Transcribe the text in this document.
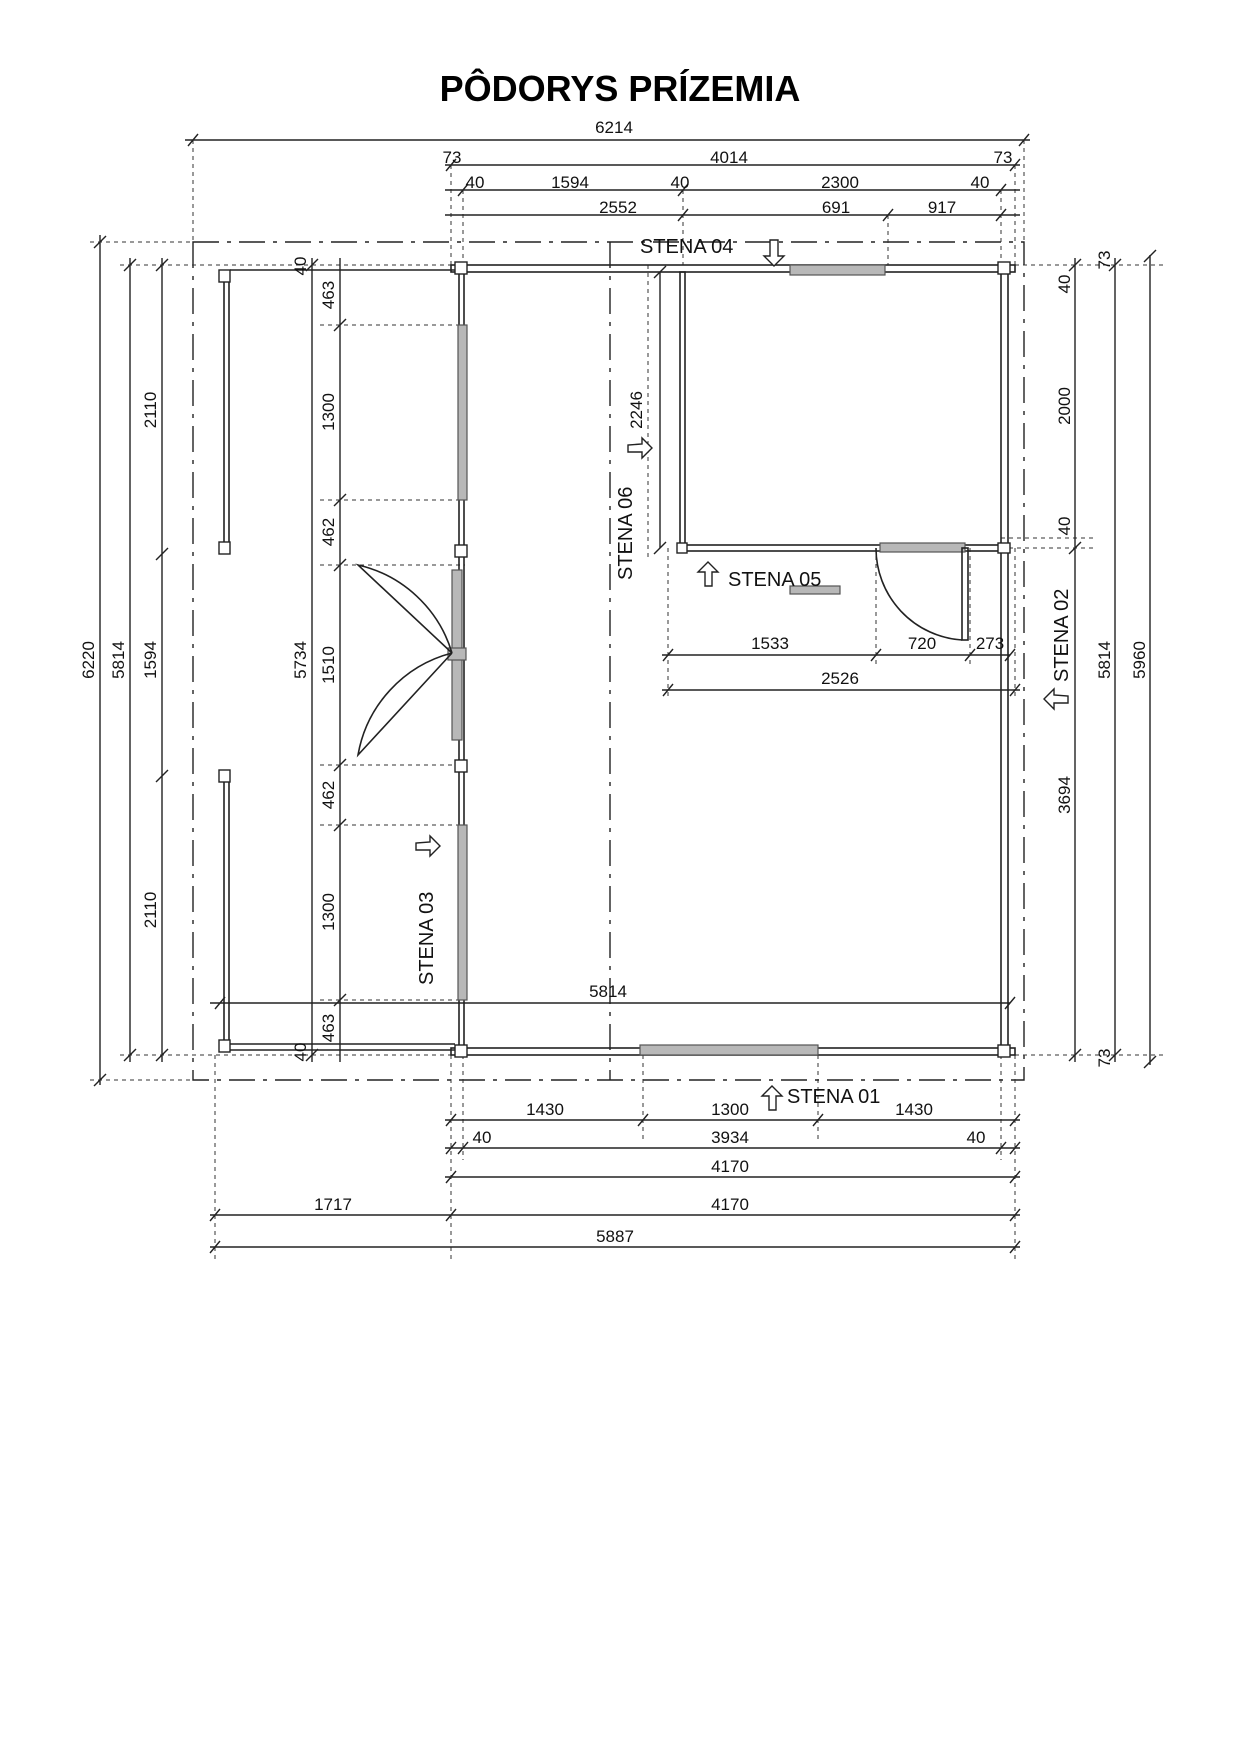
PÔDORYS PRÍZEMIA
6214
73	4014	73
40	1594	40	2300	40
2552	691	917
6220 5814
2110
1594
2110
5734
40
463
1300
462
1510
462
1300
463
40
73
40
2000
40
3694
5814 5960
73
2246
1533	720 273
2526
5814
1430	1300	1430
40	3934	40
4170
1717	4170
5887
STENA 04
STENA 05
STENA 01
STENA 06
STENA 03
STENA 02
